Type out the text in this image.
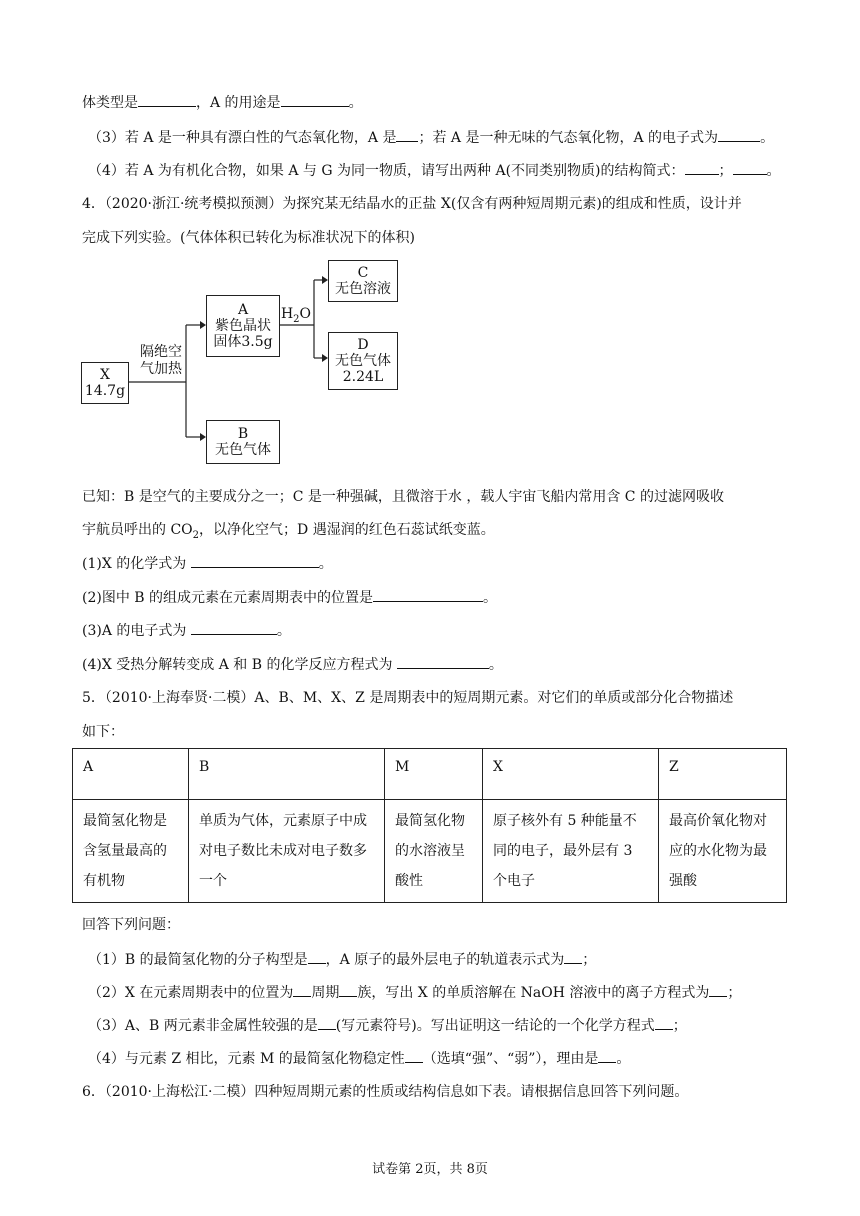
体类型是	，A 的用途是	。
（3）若 A 是一种具有漂白性的气态氧化物，A 是 ；若 A 是一种无味的气态氧化物，A 的电子式为	。
（4）若 A 为有机化合物，如果 A 与 G 为同一物质，请写出两种 A(不同类别物质)的结构简式： ； 。
4．（2020·浙江·统考模拟预测）为探究某无结晶水的正盐 X(仅含有两种短周期元素)的组成和性质，设计并
完成下列实验。(气体体积已转化为标准状况下的体积)
X
14.7g
隔绝空
气加热
A
紫色晶状
固体3.5g
$H_2O$
B
无色气体
C
无色溶液
D
无色气体
2.24L
已知：B 是空气的主要成分之一；C 是一种强碱，且微溶于水 ，载人宇宙飞船内常用含 C 的过滤网吸收
宇航员呼出的 $CO_2$，以净化空气；D 遇湿润的红色石蕊试纸变蓝。
(1)X 的化学式为	。
(2)图中 B 的组成元素在元素周期表中的位置是	。
(3)A 的电子式为	。
(4)X 受热分解转变成 A 和 B 的化学反应方程式为	。
5．（2010·上海奉贤·二模）A、B、M、X、Z 是周期表中的短周期元素。对它们的单质或部分化合物描述
如下：
A	B	M	X	Z
最简氢化物是含氢量最高的有机物	单质为气体，元素原子中成对电子数比未成对电子数多一个	最简氢化物的水溶液呈酸性	原子核外有 5 种能量不同的电子，最外层有 3 个电子	最高价氧化物对应的水化物为最强酸
回答下列问题：
（1）B 的最简氢化物的分子构型是 ，A 原子的最外层电子的轨道表示式为 ；
（2）X 在元素周期表中的位置为 周期 族，写出 X 的单质溶解在 NaOH 溶液中的离子方程式为 ；
（3）A、B 两元素非金属性较强的是 (写元素符号)。写出证明这一结论的一个化学方程式 ；
（4）与元素 Z 相比，元素 M 的最简氢化物稳定性 （选填“强”、“弱”），理由是 。
6．（2010·上海松江·二模）四种短周期元素的性质或结构信息如下表。请根据信息回答下列问题。
试卷第 2页，共 8页
